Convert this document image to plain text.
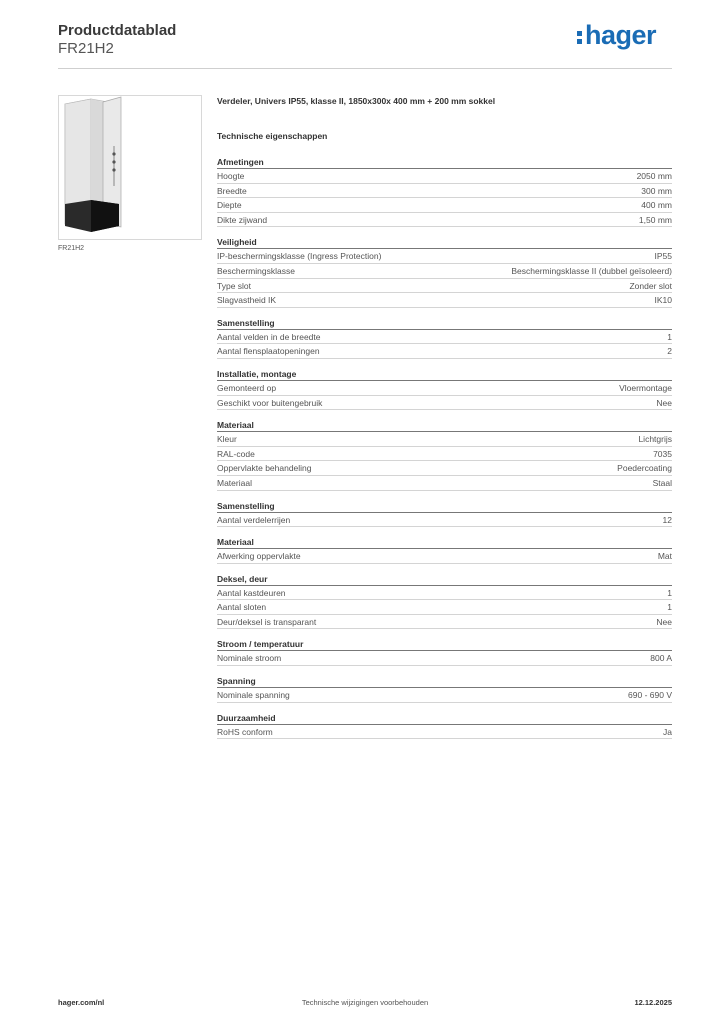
Productdatablad
FR21H2	hager
FR21H2
Verdeler, Univers IP55, klasse II, 1850x300x 400 mm + 200 mm sokkel
Technische eigenschappen
Afmetingen
Hoogte	2050 mm
Breedte	300 mm
Diepte	400 mm
Dikte zijwand	1,50 mm
Veiligheid
IP-beschermingsklasse (Ingress Protection)	IP55
Beschermingsklasse	Beschermingsklasse II (dubbel geïsoleerd)
Type slot	Zonder slot
Slagvastheid IK	IK10
Samenstelling
Aantal velden in de breedte	1
Aantal flensplaatopeningen	2
Installatie, montage
Gemonteerd op	Vloermontage
Geschikt voor buitengebruik	Nee
Materiaal
Kleur	Lichtgrijs
RAL-code	7035
Oppervlakte behandeling	Poedercoating
Materiaal	Staal
Samenstelling
Aantal verdelerrijen	12
Materiaal
Afwerking oppervlakte	Mat
Deksel, deur
Aantal kastdeuren	1
Aantal sloten	1
Deur/deksel is transparant	Nee
Stroom / temperatuur
Nominale stroom	800 A
Spanning
Nominale spanning	690 - 690 V
Duurzaamheid
RoHS conform	Ja
hager.com/nl	Technische wijzigingen voorbehouden	12.12.2025
